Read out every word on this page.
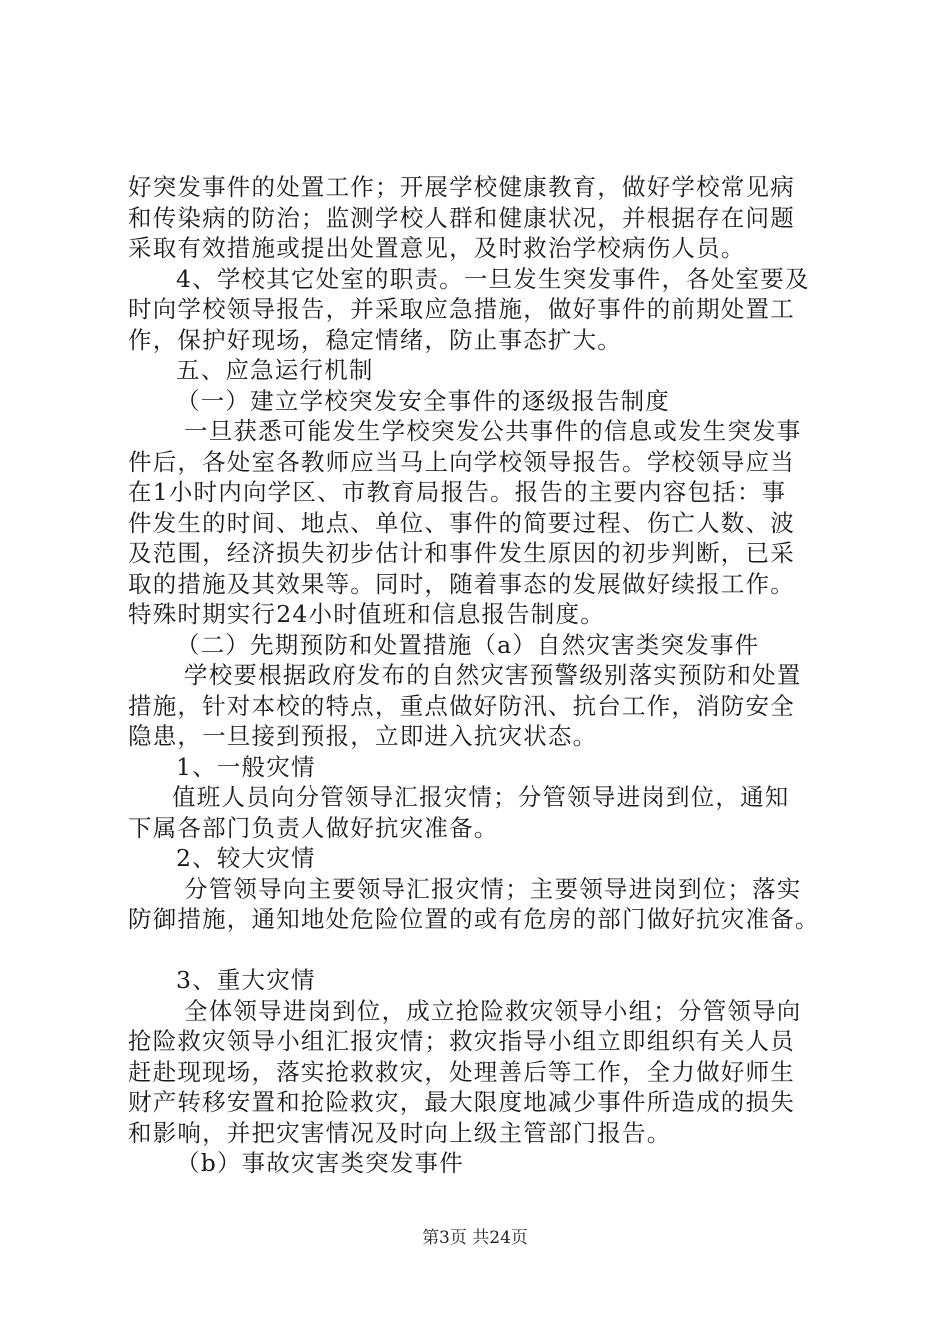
好突发事件的处置工作；开展学校健康教育，做好学校常见病
和传染病的防治；监测学校人群和健康状况，并根据存在问题
采取有效措施或提出处置意见，及时救治学校病伤人员。
4、学校其它处室的职责。一旦发生突发事件，各处室要及
时向学校领导报告，并采取应急措施，做好事件的前期处置工
作，保护好现场，稳定情绪，防止事态扩大。
五、应急运行机制
（一）建立学校突发安全事件的逐级报告制度
一旦获悉可能发生学校突发公共事件的信息或发生突发事
件后，各处室各教师应当马上向学校领导报告。学校领导应当
在1小时内向学区、市教育局报告。报告的主要内容包括：事
件发生的时间、地点、单位、事件的简要过程、伤亡人数、波
及范围，经济损失初步估计和事件发生原因的初步判断，已采
取的措施及其效果等。同时，随着事态的发展做好续报工作。
特殊时期实行24小时值班和信息报告制度。
（二）先期预防和处置措施（a）自然灾害类突发事件
学校要根据政府发布的自然灾害预警级别落实预防和处置
措施，针对本校的特点，重点做好防汛、抗台工作，消防安全
隐患，一旦接到预报，立即进入抗灾状态。
1、一般灾情
值班人员向分管领导汇报灾情；分管领导进岗到位，通知
下属各部门负责人做好抗灾准备。
2、较大灾情
分管领导向主要领导汇报灾情；主要领导进岗到位；落实
防御措施，通知地处危险位置的或有危房的部门做好抗灾准备。
3、重大灾情
全体领导进岗到位，成立抢险救灾领导小组；分管领导向
抢险救灾领导小组汇报灾情；救灾指导小组立即组织有关人员
赶赴现现场，落实抢救救灾，处理善后等工作，全力做好师生
财产转移安置和抢险救灾，最大限度地减少事件所造成的损失
和影响，并把灾害情况及时向上级主管部门报告。
（b）事故灾害类突发事件
第3页 共24页
